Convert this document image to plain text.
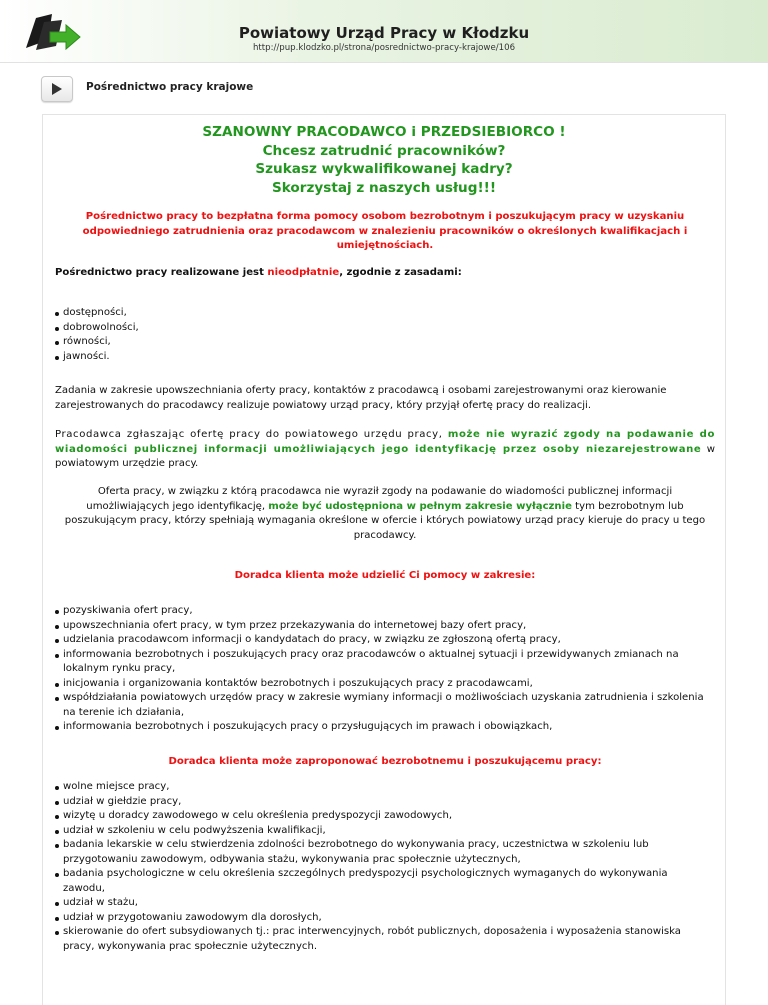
Powiatowy Urząd Pracy w Kłodzku
http://pup.klodzko.pl/strona/posrednictwo-pracy-krajowe/106
Pośrednictwo pracy krajowe
SZANOWNY PRACODAWCO i PRZEDSIEBIORCO !
Chcesz zatrudnić pracowników?
Szukasz wykwalifikowanej kadry?
Skorzystaj z naszych usług!!!

Pośrednictwo pracy to bezpłatna forma pomocy osobom bezrobotnym i poszukującym pracy w uzyskaniu odpowiedniego zatrudnienia oraz pracodawcom w znalezieniu pracowników o określonych kwalifikacjach i umiejętnościach.

Pośrednictwo pracy realizowane jest nieodpłatnie, zgodnie z zasadami:

dostępności,
dobrowolności,
równości,
jawności.

Zadania w zakresie upowszechniania oferty pracy, kontaktów z pracodawcą i osobami zarejestrowanymi oraz kierowanie zarejestrowanych do pracodawcy realizuje powiatowy urząd pracy, który przyjął ofertę pracy do realizacji.

Pracodawca zgłaszając ofertę pracy do powiatowego urzędu pracy, może nie wyrazić zgody na podawanie do wiadomości publicznej informacji umożliwiających jego identyfikację przez osoby niezarejestrowane w powiatowym urzędzie pracy.

Oferta pracy, w związku z którą pracodawca nie wyraził zgody na podawanie do wiadomości publicznej informacji umożliwiających jego identyfikację, może być udostępniona w pełnym zakresie wyłącznie tym bezrobotnym lub poszukującym pracy, którzy spełniają wymagania określone w ofercie i których powiatowy urząd pracy kieruje do pracy u tego pracodawcy.

Doradca klienta może udzielić Ci pomocy w zakresie:

pozyskiwania ofert pracy,
upowszechniania ofert pracy, w tym przez przekazywania do internetowej bazy ofert pracy,
udzielania pracodawcom informacji o kandydatach do pracy, w związku ze zgłoszoną ofertą pracy,
informowania bezrobotnych i poszukujących pracy oraz pracodawców o aktualnej sytuacji i przewidywanych zmianach na lokalnym rynku pracy,
inicjowania i organizowania kontaktów bezrobotnych i poszukujących pracy z pracodawcami,
współdziałania powiatowych urzędów pracy w zakresie wymiany informacji o możliwościach uzyskania zatrudnienia i szkolenia na terenie ich działania,
informowania bezrobotnych i poszukujących pracy o przysługujących im prawach i obowiązkach,

Doradca klienta może zaproponować bezrobotnemu i poszukującemu pracy:

wolne miejsce pracy,
udział w giełdzie pracy,
wizytę u doradcy zawodowego w celu określenia predyspozycji zawodowych,
udział w szkoleniu w celu podwyższenia kwalifikacji,
badania lekarskie w celu stwierdzenia zdolności bezrobotnego do wykonywania pracy, uczestnictwa w szkoleniu lub przygotowaniu zawodowym, odbywania stażu, wykonywania prac społecznie użytecznych,
badania psychologiczne w celu określenia szczególnych predyspozycji psychologicznych wymaganych do wykonywania zawodu,
udział w stażu,
udział w przygotowaniu zawodowym dla dorosłych,
skierowanie do ofert subsydiowanych tj.: prac interwencyjnych, robót publicznych, doposażenia i wyposażenia stanowiska pracy, wykonywania prac społecznie użytecznych.
